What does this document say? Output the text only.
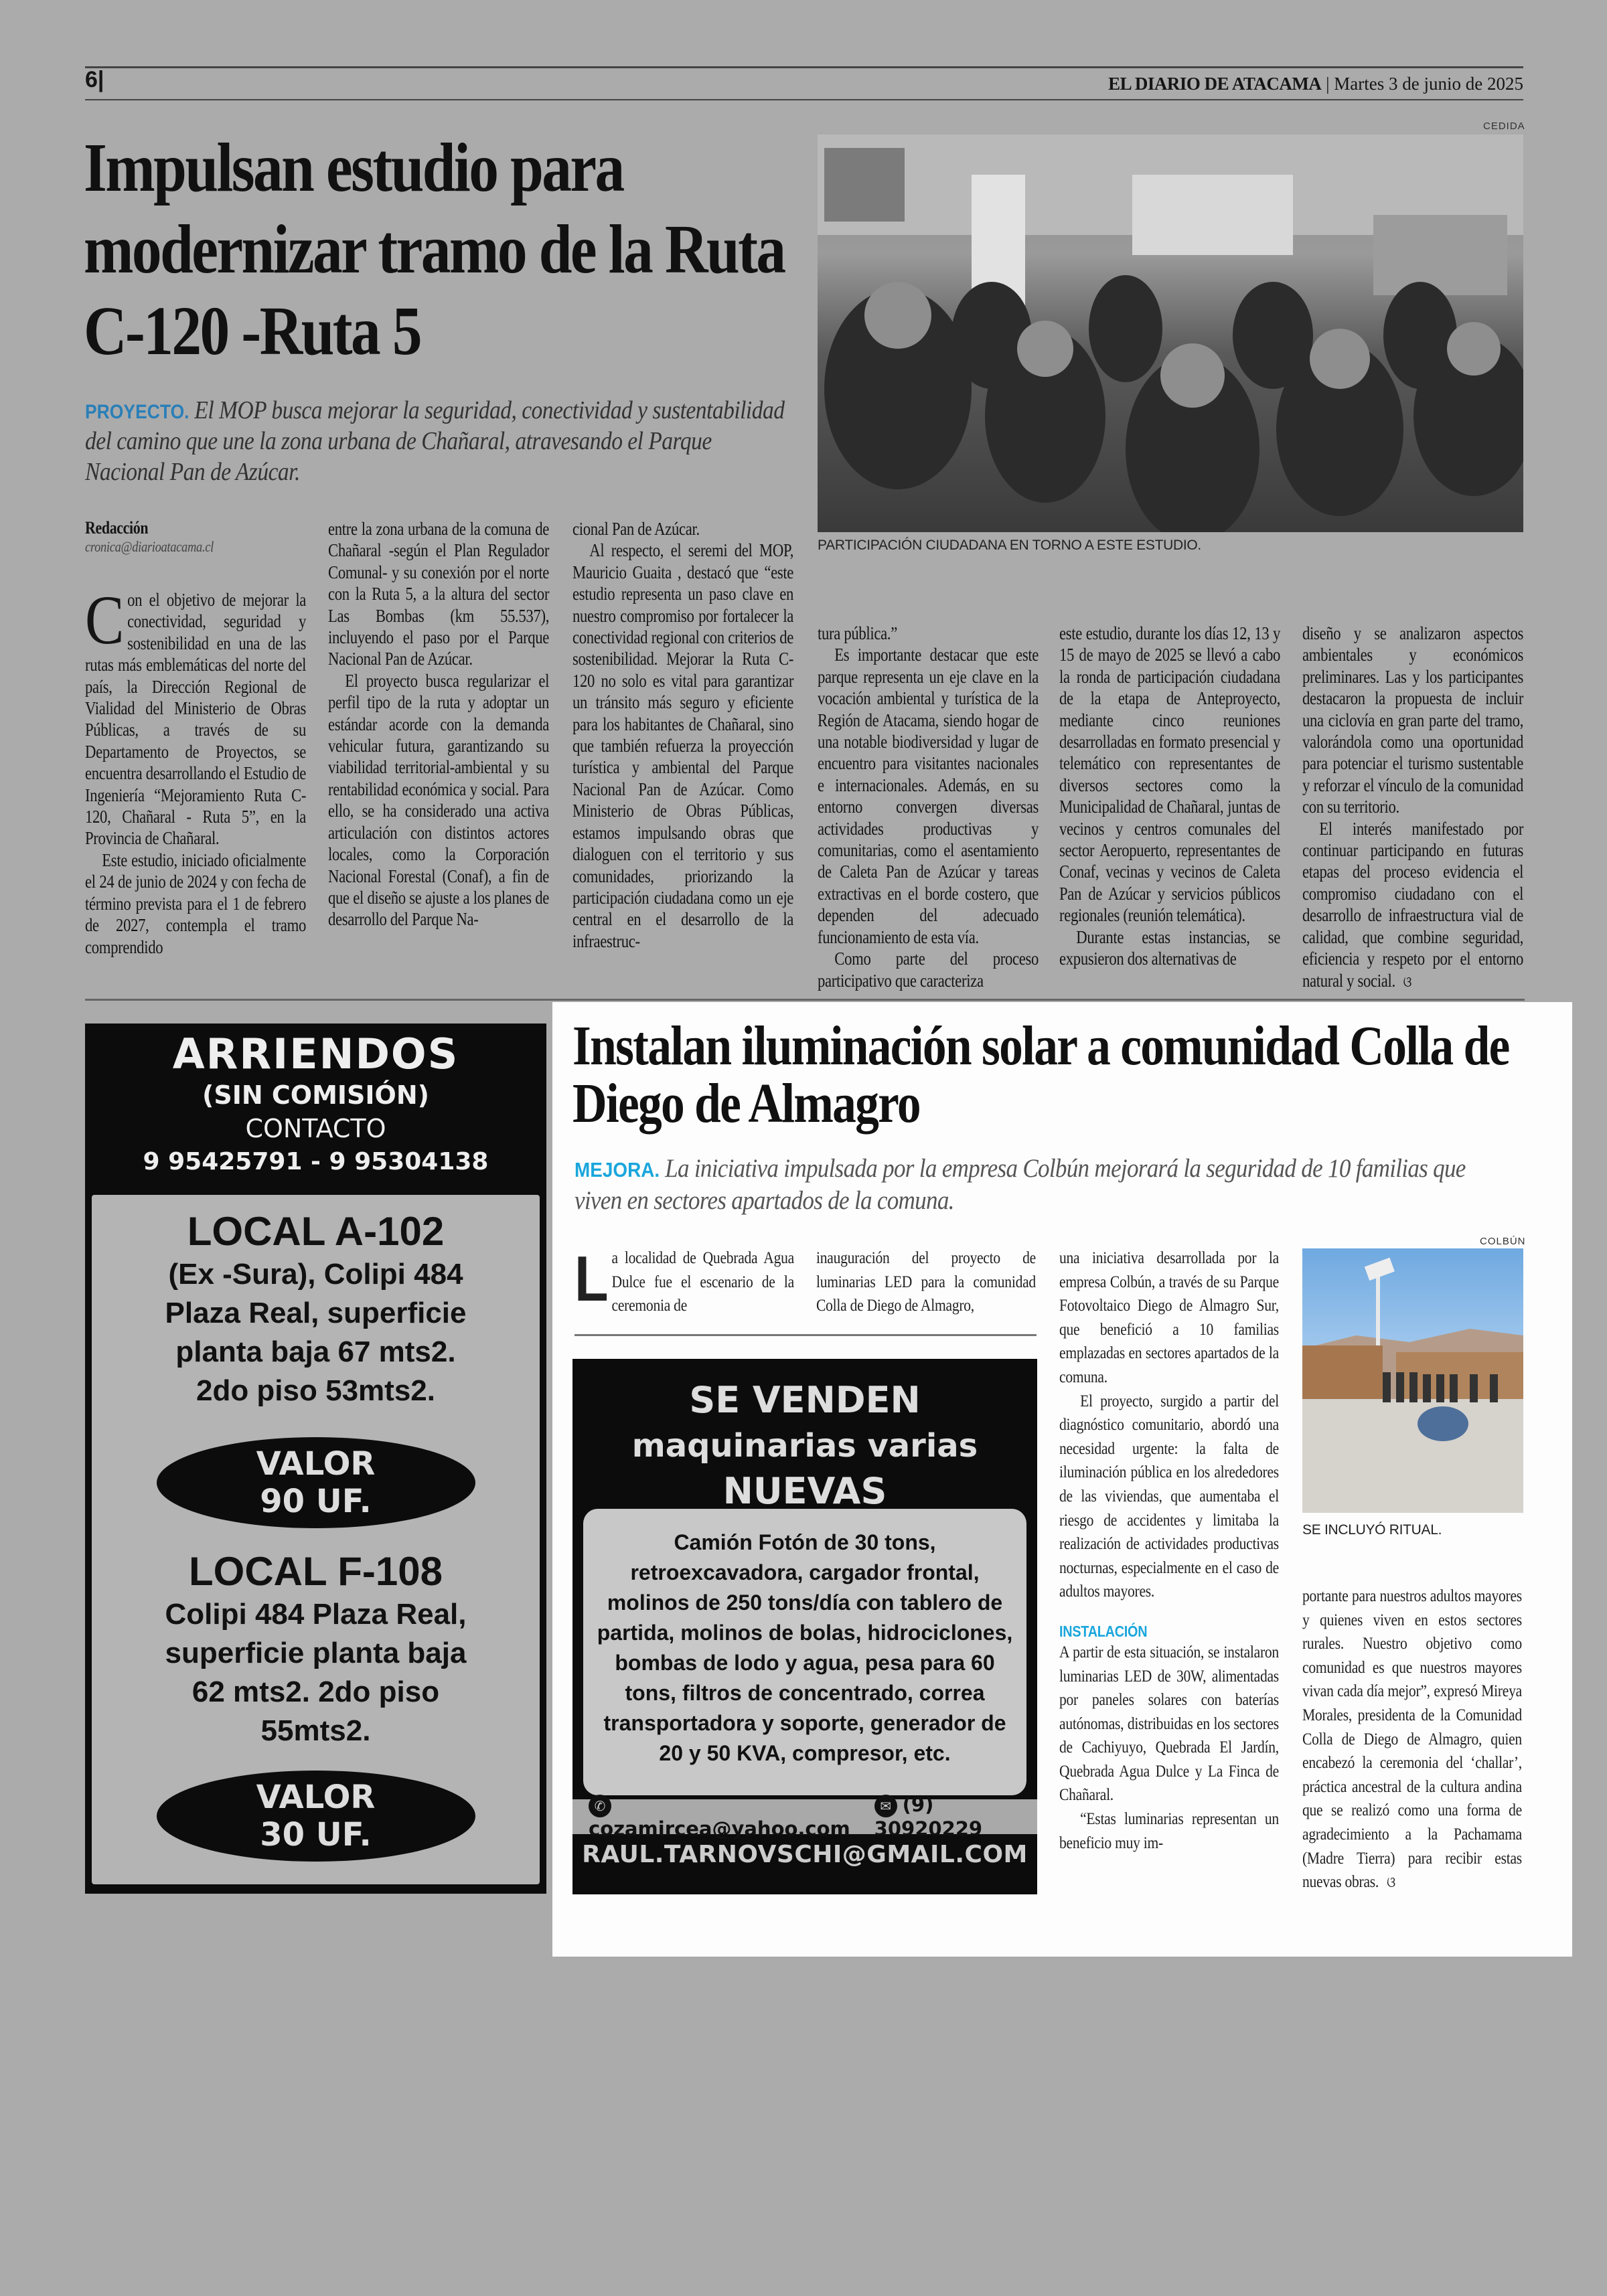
6|	EL DIARIO DE ATACAMA | Martes 3 de junio de 2025
Impulsan estudio para modernizar tramo de la Ruta C-120 -Ruta 5
PROYECTO. El MOP busca mejorar la seguridad, conectividad y sustentabilidad del camino que une la zona urbana de Chañaral, atravesando el Parque Nacional Pan de Azúcar.
CEDIDA
PARTICIPACIÓN CIUDADANA EN TORNO A ESTE ESTUDIO.
Redacción
cronica@diarioatacama.cl

Con el objetivo de mejorar la conectividad, seguridad y sostenibilidad en una de las rutas más emblemáticas del norte del país, la Dirección Regional de Vialidad del Ministerio de Obras Públicas, a través de su Departamento de Proyectos, se encuentra desarrollando el Estudio de Ingeniería “Mejoramiento Ruta C-120, Chañaral - Ruta 5”, en la Provincia de Chañaral.

Este estudio, iniciado oficialmente el 24 de junio de 2024 y con fecha de término prevista para el 1 de febrero de 2027, contempla el tramo comprendido

entre la zona urbana de la comuna de Chañaral -según el Plan Regulador Comunal- y su conexión por el norte con la Ruta 5, a la altura del sector Las Bombas (km 55.537), incluyendo el paso por el Parque Nacional Pan de Azúcar.

El proyecto busca regularizar el perfil tipo de la ruta y adoptar un estándar acorde con la demanda vehicular futura, garantizando su viabilidad territorial-ambiental y su rentabilidad económica y social. Para ello, se ha considerado una activa articulación con distintos actores locales, como la Corporación Nacional Forestal (Conaf), a fin de que el diseño se ajuste a los planes de desarrollo del Parque Na-

cional Pan de Azúcar.

Al respecto, el seremi del MOP, Mauricio Guaita , destacó que “este estudio representa un paso clave en nuestro compromiso por fortalecer la conectividad regional con criterios de sostenibilidad. Mejorar la Ruta C-120 no solo es vital para garantizar un tránsito más seguro y eficiente para los habitantes de Chañaral, sino que también refuerza la proyección turística y ambiental del Parque Nacional Pan de Azúcar. Como Ministerio de Obras Públicas, estamos impulsando obras que dialoguen con el territorio y sus comunidades, priorizando la participación ciudadana como un eje central en el desarrollo de la infraestruc-

tura pública.”

Es importante destacar que este parque representa un eje clave en la vocación ambiental y turística de la Región de Atacama, siendo hogar de una notable biodiversidad y lugar de encuentro para visitantes nacionales e internacionales. Además, en su entorno convergen diversas actividades productivas y comunitarias, como el asentamiento de Caleta Pan de Azúcar y tareas extractivas en el borde costero, que dependen del adecuado funcionamiento de esta vía.

Como parte del proceso participativo que caracteriza

este estudio, durante los días 12, 13 y 15 de mayo de 2025 se llevó a cabo la ronda de participación ciudadana de la etapa de Anteproyecto, mediante cinco reuniones desarrolladas en formato presencial y telemático con representantes de diversos sectores como la Municipalidad de Chañaral, juntas de vecinos y centros comunales del sector Aeropuerto, representantes de Conaf, vecinas y vecinos de Caleta Pan de Azúcar y servicios públicos regionales (reunión telemática).

Durante estas instancias, se expusieron dos alternativas de

diseño y se analizaron aspectos ambientales y económicos preliminares. Las y los participantes destacaron la propuesta de incluir una ciclovía en gran parte del tramo, valorándola como una oportunidad para potenciar el turismo sustentable y reforzar el vínculo de la comunidad con su territorio.

El interés manifestado por continuar participando en futuras etapas del proceso evidencia el compromiso ciudadano con el desarrollo de infraestructura vial de calidad, que combine seguridad, eficiencia y respeto por el entorno natural y social. ଓ

ARRIENDOS
(SIN COMISIÓN)
CONTACTO
9 95425791 - 9 95304138
LOCAL A-102
(Ex -Sura), Colipi 484
Plaza Real, superficie
planta baja 67 mts2.
2do piso 53mts2.
VALOR
90 UF.
LOCAL F-108
Colipi 484 Plaza Real,
superficie planta baja
62 mts2. 2do piso
55mts2.
VALOR
30 UF.
Instalan iluminación solar a comunidad Colla de Diego de Almagro
MEJORA. La iniciativa impulsada por la empresa Colbún mejorará la seguridad de 10 familias que viven en sectores apartados de la comuna.

La localidad de Quebrada Agua Dulce fue el escenario de la ceremonia de

inauguración del proyecto de luminarias LED para la comunidad Colla de Diego de Almagro,

una iniciativa desarrollada por la empresa Colbún, a través de su Parque Fotovoltaico Diego de Almagro Sur, que benefició a 10 familias emplazadas en sectores apartados de la comuna.

El proyecto, surgido a partir del diagnóstico comunitario, abordó una necesidad urgente: la falta de iluminación pública en los alrededores de las viviendas, que aumentaba el riesgo de accidentes y limitaba la realización de actividades productivas nocturnas, especialmente en el caso de adultos mayores.

INSTALACIÓN

A partir de esta situación, se instalaron luminarias LED de 30W, alimentadas por paneles solares con baterías autónomas, distribuidas en los sectores de Cachiyuyo, Quebrada El Jardín, Quebrada Agua Dulce y La Finca de Chañaral.

“Estas luminarias representan un beneficio muy im-

COLBÚN
SE INCLUYÓ RITUAL.

portante para nuestros adultos mayores y quienes viven en estos sectores rurales. Nuestro objetivo como comunidad es que nuestros mayores vivan cada día mejor”, expresó Mireya Morales, presidenta de la Comunidad Colla de Diego de Almagro, quien encabezó la ceremonia del ‘challar’, práctica ancestral de la cultura andina que se realizó como una forma de agradecimiento a la Pachamama (Madre Tierra) para recibir estas nuevas obras. ଓ

SE VENDEN
maquinarias varias
NUEVAS
Camión Fotón de 30 tons, retroexcavadora, cargador frontal, molinos de 250 tons/día con tablero de partida, molinos de bolas, hidrociclones, bombas de lodo y agua, pesa para 60 tons, filtros de concentrado, correa transportadora y soporte, generador de 20 y 50 KVA, compresor, etc.
✆cozamircea@yahoo.com
✉ (9) 30920229
RAUL.TARNOVSCHI@GMAIL.COM
